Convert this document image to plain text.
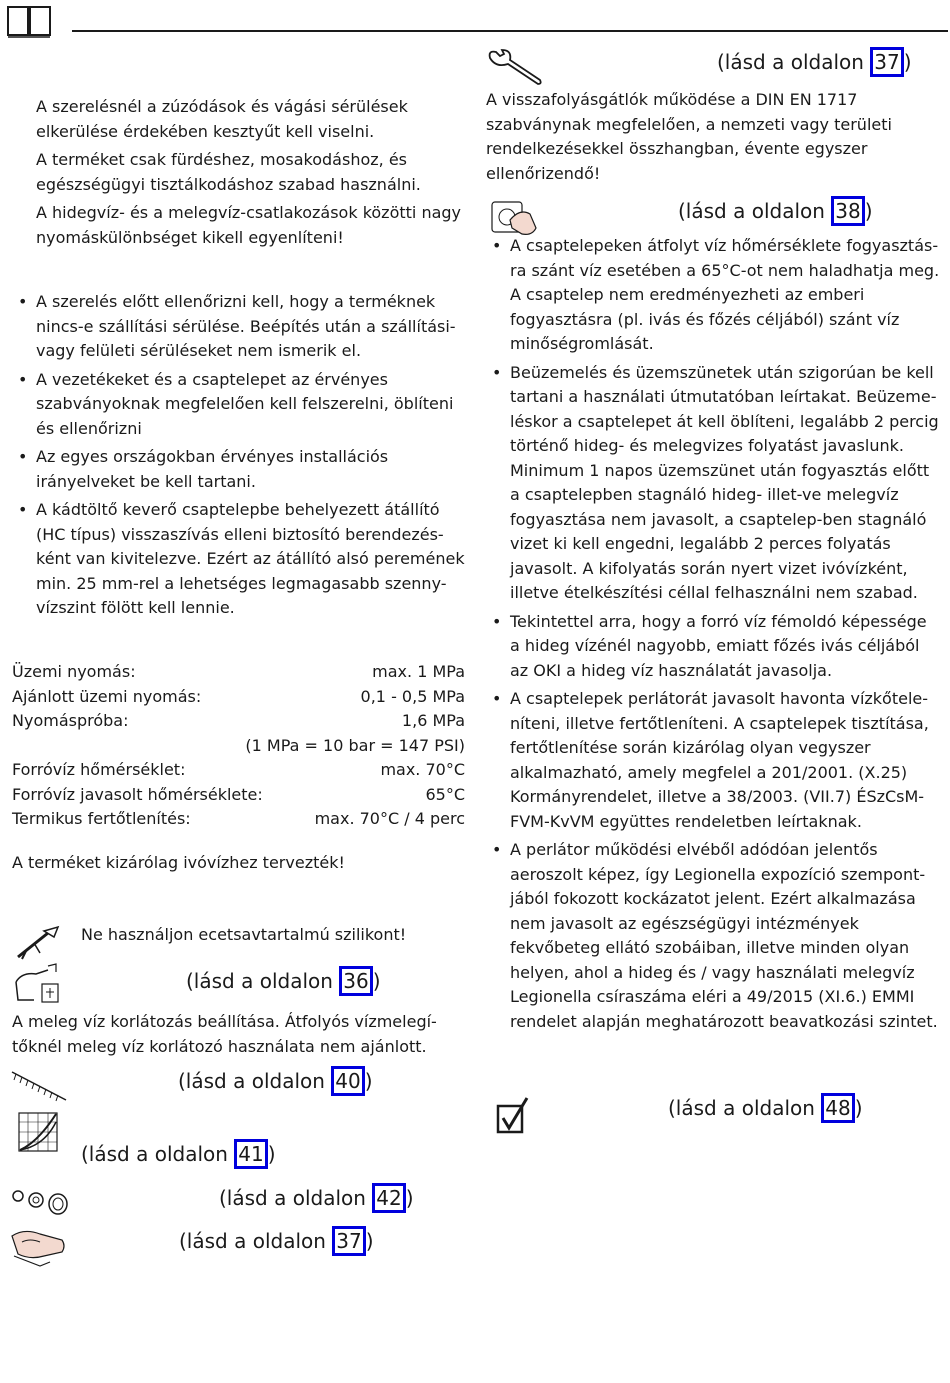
A szerelésnél a zúzódások és vágási sérülések elkerülése érdekében kesztyűt kell viselni.

A terméket csak fürdéshez, mosakodáshoz, és egészségügyi tisztálkodáshoz szabad használni.

A hidegvíz- és a melegvíz-csatlakozások közötti nagy nyomáskülönbséget kikell egyenlíteni!

• A szerelés előtt ellenőrizni kell, hogy a terméknek nincs-e szállítási sérülése. Beépítés után a szállítási- vagy felületi sérüléseket nem ismerik el.
• A vezetékeket és a csaptelepet az érvényes szabványoknak megfelelően kell felszerelni, öblíteni és ellenőrizni
• Az egyes országokban érvényes installációs irányelveket be kell tartani.
• A kádtöltő keverő csaptelepbe behelyezett átállító (HC típus) visszaszívás elleni biztosító berendezés-ként van kivitelezve. Ezért az átállító alsó peremének min. 25 mm-rel a lehetséges legmagasabb szenny-vízszint fölött kell lennie.
Üzemi nyomás:	max. 1 MPa
Ajánlott üzemi nyomás:	0,1 - 0,5 MPa
Nyomáspróba:	1,6 MPa
(1 MPa = 10 bar = 147 PSI)
Forróvíz hőmérséklet:	max. 70°C
Forróvíz javasolt hőmérséklete:	65°C
Termikus fertőtlenítés:	max. 70°C / 4 perc

A terméket kizárólag ivóvízhez tervezték!

Ne használjon ecetsavtartalmú szilikont!

(lásd a oldalon 36 )

A meleg víz korlátozás beállítása. Átfolyós vízmelegí-tőknél meleg víz korlátozó használata nem ajánlott.

(lásd a oldalon 40 )
(lásd a oldalon 41 )
(lásd a oldalon 42 )
(lásd a oldalon 37 )
(lásd a oldalon 37 )

A visszafolyásgátlók működése a DIN EN 1717 szabványnak megfelelően, a nemzeti vagy területi rendelkezésekkel összhangban, évente egyszer ellenőrizendő!

(lásd a oldalon 38 )
• A csaptelepeken átfolyt víz hőmérséklete fogyasztás-ra szánt víz esetében a 65°C-ot nem haladhatja meg. A csaptelep nem eredményezheti az emberi fogyasztásra (pl. ivás és főzés céljából) szánt víz minőségromlását.
• Beüzemelés és üzemszünetek után szigorúan be kell tartani a használati útmutatóban leírtakat. Beüzeme-léskor a csaptelepet át kell öblíteni, legalább 2 percig történő hideg- és melegvizes folyatást javaslunk. Minimum 1 napos üzemszünet után fogyasztás előtt a csaptelepben stagnáló hideg- illet-ve melegvíz fogyasztása nem javasolt, a csaptelep-ben stagnáló vizet ki kell engedni, legalább 2 perces folyatás javasolt. A kifolyatás során nyert vizet ivóvízként, illetve ételkészítési céllal felhasználni nem szabad.
• Tekintettel arra, hogy a forró víz fémoldó képessége a hideg vízénél nagyobb, emiatt főzés ivás céljából az OKI a hideg víz használatát javasolja.
• A csaptelepek perlátorát javasolt havonta vízkőtele-níteni, illetve fertőtleníteni. A csaptelepek tisztítása, fertőtlenítése során kizárólag olyan vegyszer alkalmazható, amely megfelel a 201/2001. (X.25) Kormányrendelet, illetve a 38/2003. (VII.7) ÉSzCsM-FVM-KvVM együttes rendeletben leírtaknak.
• A perlátor működési elvéből adódóan jelentős aeroszolt képez, így Legionella expozíció szempont-jából fokozott kockázatot jelent. Ezért alkalmazása nem javasolt az egészségügyi intézmények fekvőbeteg ellátó szobáiban, illetve minden olyan helyen, ahol a hideg és / vagy használati melegvíz Legionella csíraszáma eléri a 49/2015 (XI.6.) EMMI rendelet alapján meghatározott beavatkozási szintet.
(lásd a oldalon 48 )
